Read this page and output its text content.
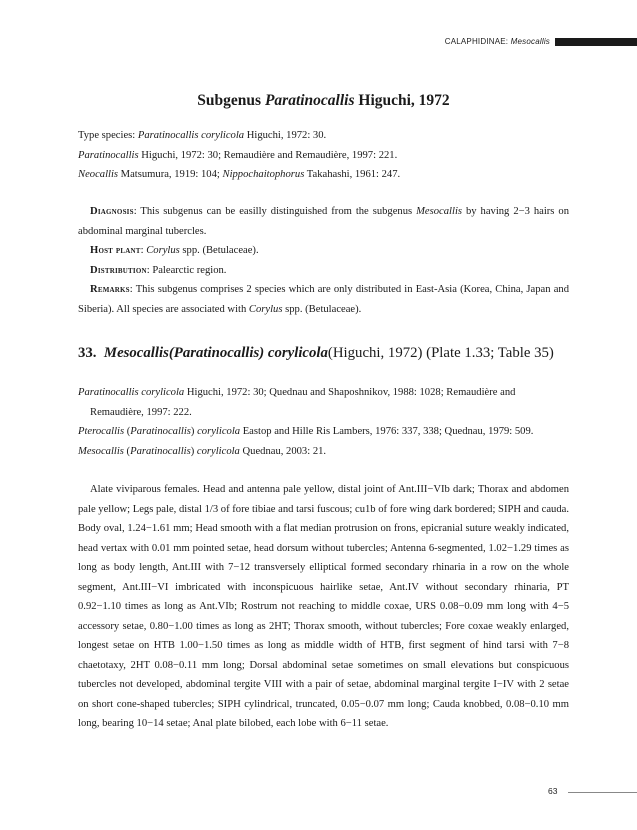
CALAPHIDINAE: Mesocallis
Subgenus Paratinocallis Higuchi, 1972
Type species: Paratinocallis corylicola Higuchi, 1972: 30.
Paratinocallis Higuchi, 1972: 30; Remaudière and Remaudière, 1997: 221.
Neocallis Matsumura, 1919: 104; Nippochaitophorus Takahashi, 1961: 247.

Diagnosis: This subgenus can be easilly distinguished from the subgenus Mesocallis by having 2−3 hairs on abdominal marginal tubercles.

Host plant: Corylus spp. (Betulaceae).

Distribution: Palearctic region.

Remarks: This subgenus comprises 2 species which are only distributed in East-Asia (Korea, China, Japan and Siberia). All species are associated with Corylus spp. (Betulaceae).

33. Mesocallis(Paratinocallis) corylicola(Higuchi, 1972) (Plate 1.33; Table 35)
Paratinocallis corylicola Higuchi, 1972: 30; Quednau and Shaposhnikov, 1988: 1028; Remaudière and
Remaudière, 1997: 222.
Pterocallis (Paratinocallis) corylicola Eastop and Hille Ris Lambers, 1976: 337, 338; Quednau, 1979: 509.
Mesocallis (Paratinocallis) corylicola Quednau, 2003: 21.

Alate viviparous females. Head and antenna pale yellow, distal joint of Ant.III−VIb dark; Thorax and abdomen pale yellow; Legs pale, distal 1/3 of fore tibiae and tarsi fuscous; cu1b of fore wing dark bordered; SIPH and cauda. Body oval, 1.24−1.61 mm; Head smooth with a flat median protrusion on frons, epicranial suture weakly indicated, head vertax with 0.01 mm pointed setae, head dorsum without tubercles; Antenna 6-segmented, 1.02−1.29 times as long as body length, Ant.III with 7−12 transversely elliptical formed secondary rhinaria in a row on the whole segment, Ant.III−VI imbricated with inconspicuous hairlike setae, Ant.IV without secondary rhinaria, PT 0.92−1.10 times as long as Ant.VIb; Rostrum not reaching to middle coxae, URS 0.08−0.09 mm long with 4−5 accessory setae, 0.80−1.00 times as long as 2HT; Thorax smooth, without tubercles; Fore coxae weakly enlarged, longest setae on HTB 1.00−1.50 times as long as middle width of HTB, first segment of hind tarsi with 7−8 chaetotaxy, 2HT 0.08−0.11 mm long; Dorsal abdominal setae sometimes on small elevations but conspicuous tubercles not developed, abdominal tergite VIII with a pair of setae, abdominal marginal tergite I−IV with 2 setae on short cone-shaped tubercles; SIPH cylindrical, truncated, 0.05−0.07 mm long; Cauda knobbed, 0.08−0.10 mm long, bearing 10−14 setae; Anal plate bilobed, each lobe with 6−11 setae.

63
